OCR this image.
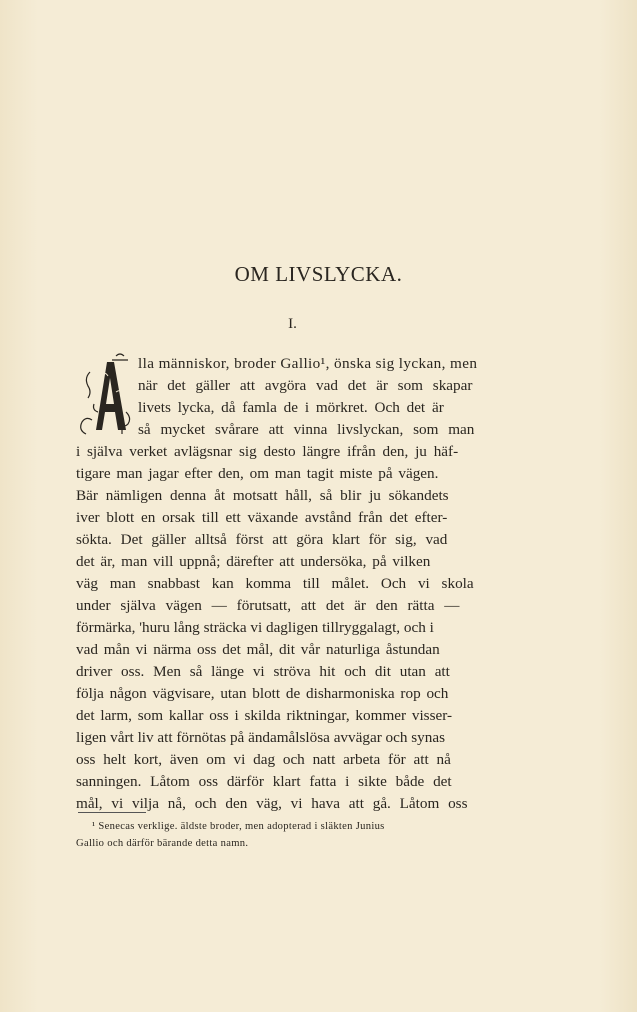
OM LIVSLYCKA.
I.
lla människor, broder Gallio¹, önska sig lyckan, men
när det gäller att avgöra vad det är som skapar
livets lycka, då famla de i mörkret. Och det är
så mycket svårare att vinna livslyckan, som man
i själva verket avlägsnar sig desto längre ifrån den, ju häf-
tigare man jagar efter den, om man tagit miste på vägen.
Bär nämligen denna åt motsatt håll, så blir ju sökandets
iver blott en orsak till ett växande avstånd från det efter-
sökta. Det gäller alltså först att göra klart för sig, vad
det är, man vill uppnå; därefter att undersöka, på vilken
väg man snabbast kan komma till målet. Och vi skola
under själva vägen — förutsatt, att det är den rätta —
förmärka, 'huru lång sträcka vi dagligen tillryggalagt, och i
vad mån vi närma oss det mål, dit vår naturliga åstundan
driver oss. Men så länge vi ströva hit och dit utan att
följa någon vägvisare, utan blott de disharmoniska rop och
det larm, som kallar oss i skilda riktningar, kommer visser-
ligen vårt liv att förnötas på ändamålslösa avvägar och synas
oss helt kort, även om vi dag och natt arbeta för att nå
sanningen. Låtom oss därför klart fatta i sikte både det
mål, vi vilja nå, och den väg, vi hava att gå. Låtom oss
¹ Senecas verklige. äldste broder, men adopterad i släkten Junius
Gallio och därför bärande detta namn.
